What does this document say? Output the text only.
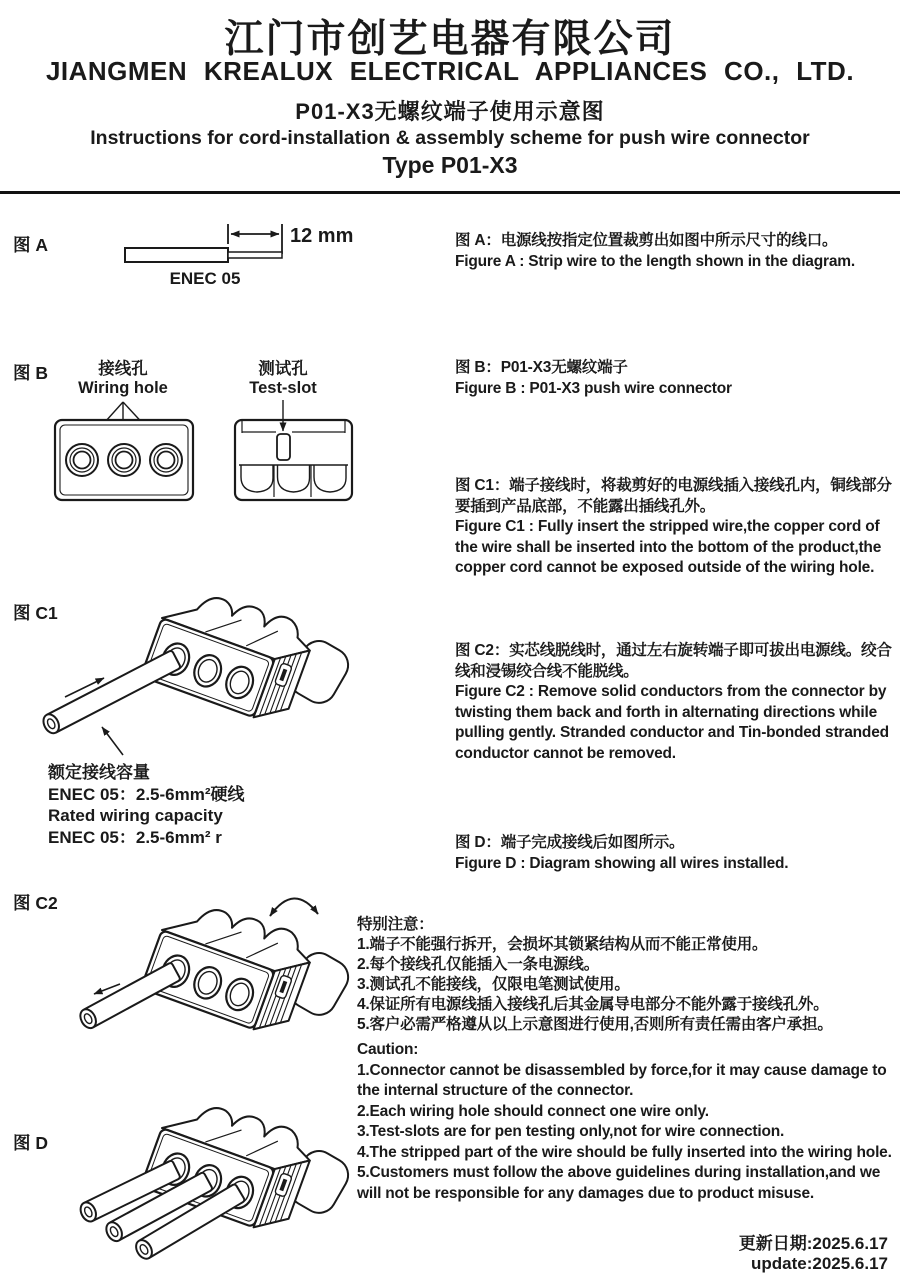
江门市创艺电器有限公司
JIANGMEN KREALUX ELECTRICAL APPLIANCES CO., LTD.
P01-X3无螺纹端子使用示意图
Instructions for cord-installation & assembly scheme for push wire connector
Type P01-X3
图 A
图 B
图 C1
图 C2
图 D
12 mm
ENEC 05
接线孔
Wiring hole
测试孔
Test-slot
额定接线容量
ENEC 05：2.5-6mm²硬线
Rated wiring capacity
ENEC 05：2.5-6mm² r
图 A：电源线按指定位置裁剪出如图中所示尺寸的线口。
Figure A : Strip wire to the length shown in the diagram.
图 B：P01-X3无螺纹端子
Figure B : P01-X3 push wire connector
图 C1：端子接线时，将裁剪好的电源线插入接线孔内，铜线部分要插到产品底部，不能露出插线孔外。
Figure C1 : Fully insert the stripped wire,the copper cord of the wire shall be inserted into the bottom of the product,the copper cord cannot be exposed outside of the wiring hole.
图 C2：实芯线脱线时，通过左右旋转端子即可拔出电源线。绞合线和浸锡绞合线不能脱线。
Figure C2 : Remove solid conductors from the connector by twisting them back and forth in alternating directions while pulling gently. Stranded conductor and Tin-bonded stranded conductor cannot be removed.
图 D：端子完成接线后如图所示。
Figure D : Diagram showing all wires installed.
特别注意：
1.端子不能强行拆开，会损坏其锁紧结构从而不能正常使用。
2.每个接线孔仅能插入一条电源线。
3.测试孔不能接线，仅限电笔测试使用。
4.保证所有电源线插入接线孔后其金属导电部分不能外露于接线孔外。
5.客户必需严格遵从以上示意图进行使用,否则所有责任需由客户承担。
Caution:
1.Connector cannot be disassembled by force,for it may cause damage to the internal structure of the connector.
2.Each wiring hole should connect one wire only.
3.Test-slots are for pen testing only,not for wire connection.
4.The stripped part of the wire should be fully inserted into the wiring hole.
5.Customers must follow the above guidelines during installation,and we will not be responsible for any damages due to product misuse.
更新日期:2025.6.17
update:2025.6.17
